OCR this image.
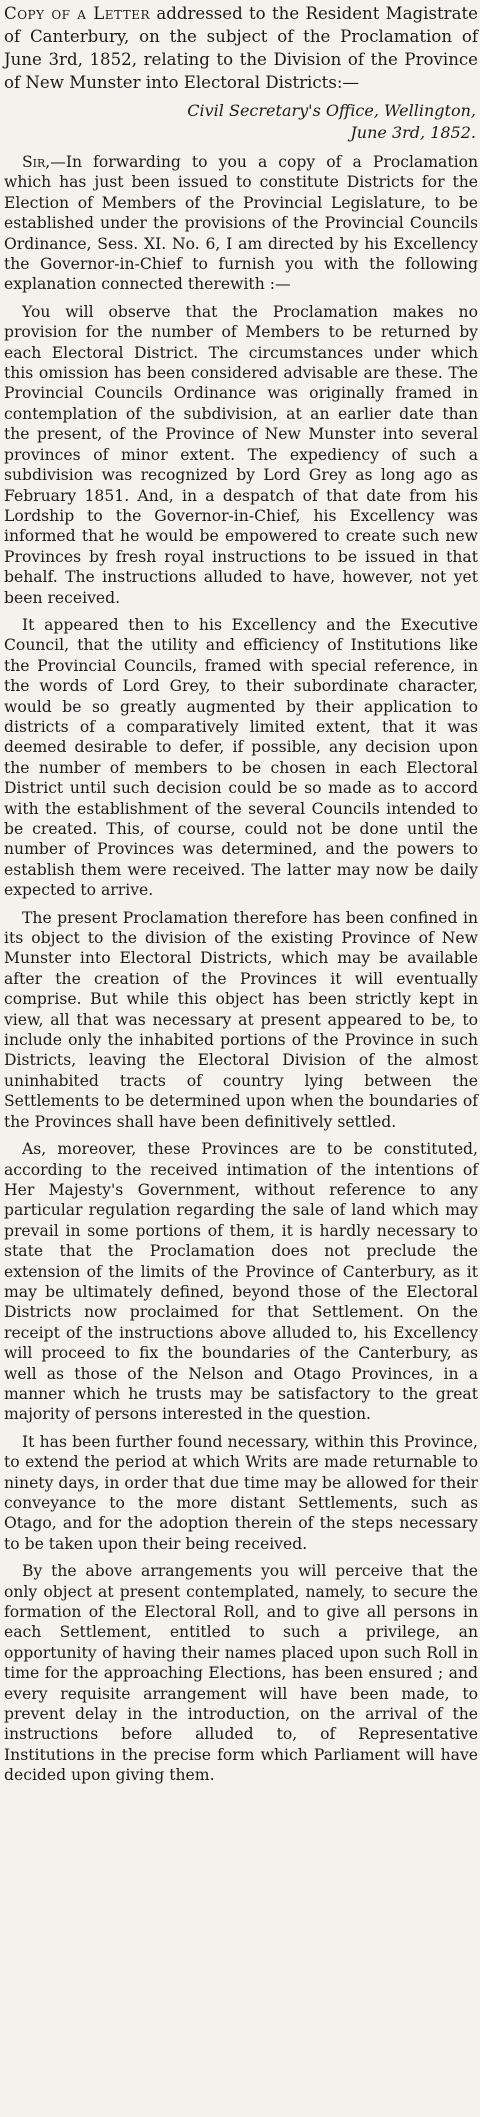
Copy of a Letter addressed to the Resident Magistrate of Canterbury, on the subject of the Proclamation of June 3rd, 1852, relating to the Division of the Province of New Munster into Electoral Districts:—

Civil Secretary's Office, Wellington,
June 3rd, 1852.

Sir,—In forwarding to you a copy of a Proclamation which has just been issued to constitute Districts for the Election of Members of the Provincial Legislature, to be established under the provisions of the Provincial Councils Ordinance, Sess. XI. No. 6, I am directed by his Excellency the Governor-in-Chief to furnish you with the following explanation connected therewith :—

You will observe that the Proclamation makes no provision for the number of Members to be returned by each Electoral District. The circumstances under which this omission has been considered advisable are these. The Provincial Councils Ordinance was originally framed in contemplation of the subdivision, at an earlier date than the present, of the Province of New Munster into several provinces of minor extent. The expediency of such a subdivision was recognized by Lord Grey as long ago as February 1851. And, in a despatch of that date from his Lordship to the Governor-in-Chief, his Excellency was informed that he would be empowered to create such new Provinces by fresh royal instructions to be issued in that behalf. The instructions alluded to have, however, not yet been received.

It appeared then to his Excellency and the Executive Council, that the utility and efficiency of Institutions like the Provincial Councils, framed with special reference, in the words of Lord Grey, to their subordinate character, would be so greatly augmented by their application to districts of a comparatively limited extent, that it was deemed desirable to defer, if possible, any decision upon the number of members to be chosen in each Electoral District until such decision could be so made as to accord with the establishment of the several Councils intended to be created. This, of course, could not be done until the number of Provinces was determined, and the powers to establish them were received. The latter may now be daily expected to arrive.

The present Proclamation therefore has been confined in its object to the division of the existing Province of New Munster into Electoral Districts, which may be available after the creation of the Provinces it will eventually comprise. But while this object has been strictly kept in view, all that was necessary at present appeared to be, to include only the inhabited portions of the Province in such Districts, leaving the Electoral Division of the almost uninhabited tracts of country lying between the Settlements to be determined upon when the boundaries of the Provinces shall have been definitively settled.

As, moreover, these Provinces are to be constituted, according to the received intimation of the intentions of Her Majesty's Government, without reference to any particular regulation regarding the sale of land which may prevail in some portions of them, it is hardly necessary to state that the Proclamation does not preclude the extension of the limits of the Province of Canterbury, as it may be ultimately defined, beyond those of the Electoral Districts now proclaimed for that Settlement. On the receipt of the instructions above alluded to, his Excellency will proceed to fix the boundaries of the Canterbury, as well as those of the Nelson and Otago Provinces, in a manner which he trusts may be satisfactory to the great majority of persons interested in the question.

It has been further found necessary, within this Province, to extend the period at which Writs are made returnable to ninety days, in order that due time may be allowed for their conveyance to the more distant Settlements, such as Otago, and for the adoption therein of the steps necessary to be taken upon their being received.

By the above arrangements you will perceive that the only object at present contemplated, namely, to secure the formation of the Electoral Roll, and to give all persons in each Settlement, entitled to such a privilege, an opportunity of having their names placed upon such Roll in time for the approaching Elections, has been ensured ; and every requisite arrangement will have been made, to prevent delay in the introduction, on the arrival of the instructions before alluded to, of Representative Institutions in the precise form which Parliament will have decided upon giving them.
